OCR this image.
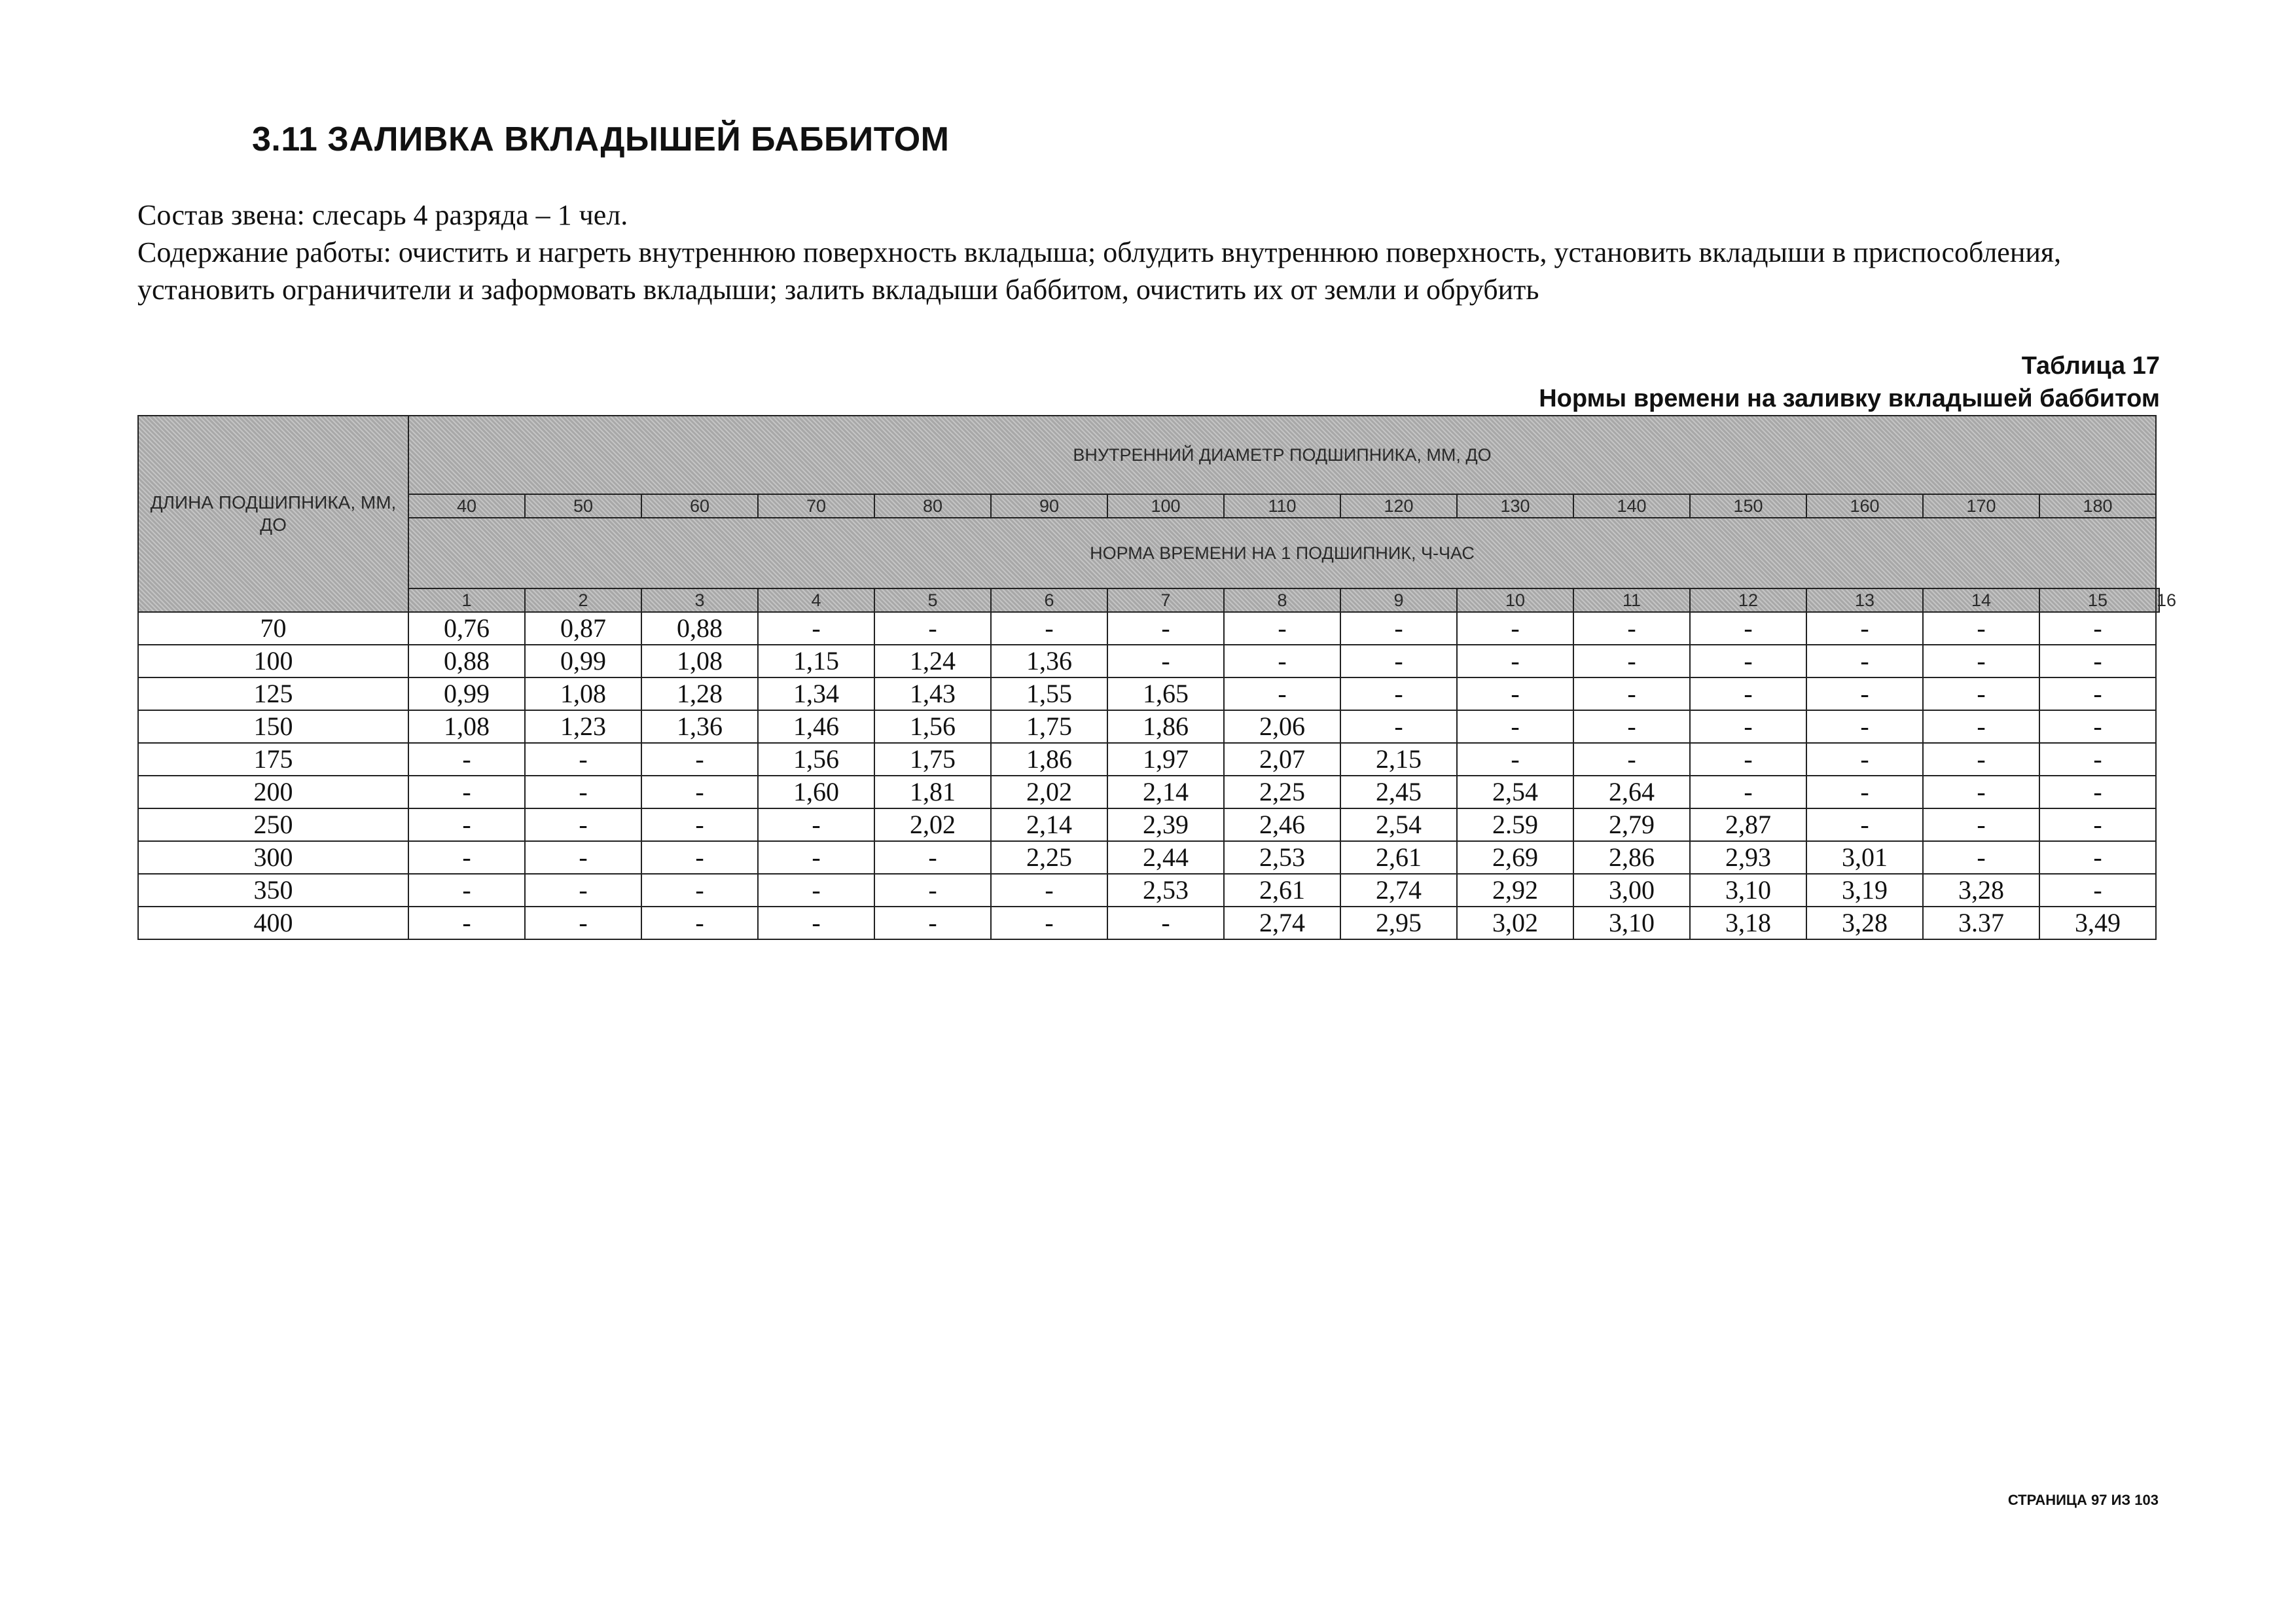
3.11 ЗАЛИВКА ВКЛАДЫШЕЙ БАББИТОМ

Состав звена: слесарь 4 разряда – 1 чел.

Содержание работы: очистить и нагреть внутреннюю поверхность вкладыша; облудить внутреннюю поверхность, установить вкладыши в приспособления, установить ограничители и заформовать вкладыши; залить вкладыши баббитом, очистить их от земли и обрубить

Таблица 17
Нормы времени на заливку вкладышей баббитом
ДЛИНА ПОДШИПНИКА, ММ, ДО	ВНУТРЕННИЙ ДИАМЕТР ПОДШИПНИКА, ММ, ДО															
	40	50	60	70	80	90	100	110	120	130	140	150	160	170	180	
	НОРМА ВРЕМЕНИ НА 1 ПОДШИПНИК, Ч-ЧАС															
	1	2	3	4	5	6	7	8	9	10	11	12	13	14	15	16
70	0,76	0,87	0,88	-	-	-	-	-	-	-	-	-	-	-	-	
100	0,88	0,99	1,08	1,15	1,24	1,36	-	-	-	-	-	-	-	-	-	
125	0,99	1,08	1,28	1,34	1,43	1,55	1,65	-	-	-	-	-	-	-	-	
150	1,08	1,23	1,36	1,46	1,56	1,75	1,86	2,06	-	-	-	-	-	-	-	
175	-	-	-	1,56	1,75	1,86	1,97	2,07	2,15	-	-	-	-	-	-	
200	-	-	-	1,60	1,81	2,02	2,14	2,25	2,45	2,54	2,64	-	-	-	-	
250	-	-	-	-	2,02	2,14	2,39	2,46	2,54	2.59	2,79	2,87	-	-	-	
300	-	-	-	-	-	2,25	2,44	2,53	2,61	2,69	2,86	2,93	3,01	-	-	
350	-	-	-	-	-	-	2,53	2,61	2,74	2,92	3,00	3,10	3,19	3,28	-	
400	-	-	-	-	-	-	-	2,74	2,95	3,02	3,10	3,18	3,28	3.37	3,49	
СТРАНИЦА 97 ИЗ 103
